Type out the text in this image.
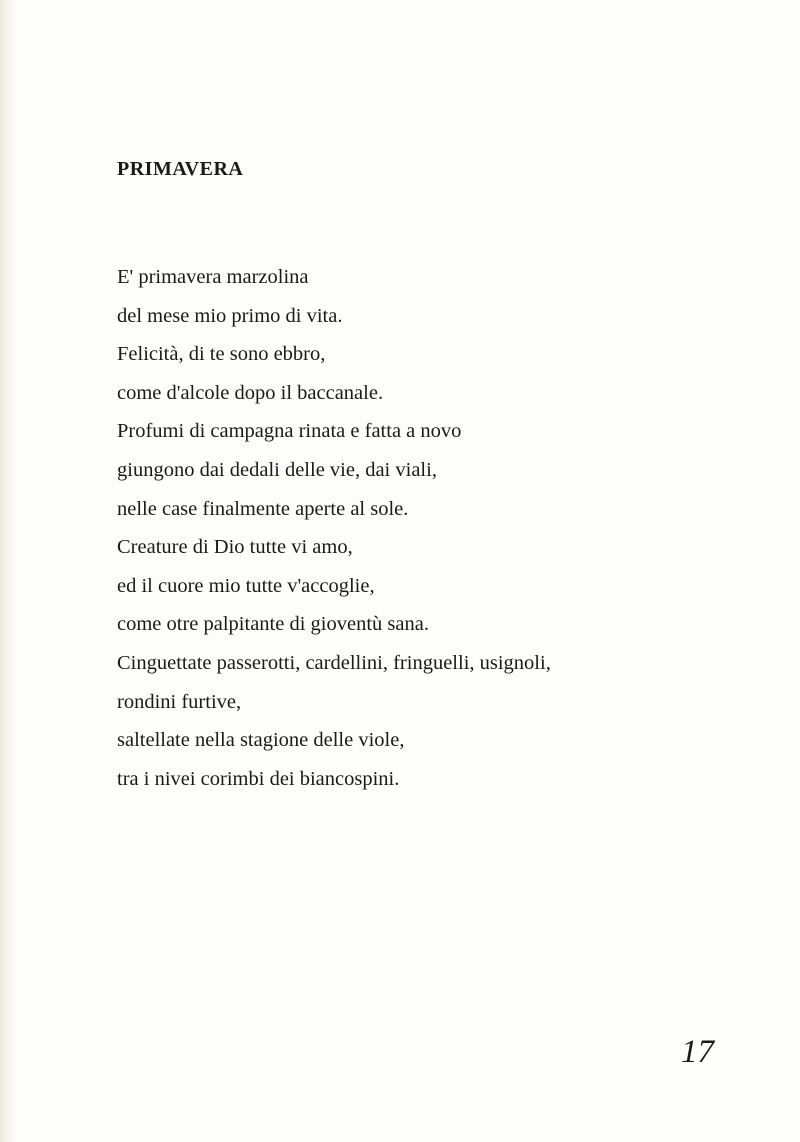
PRIMAVERA
E' primavera marzolina
del mese mio primo di vita.
Felicità, di te sono ebbro,
come d'alcole dopo il baccanale.
Profumi di campagna rinata e fatta a novo
giungono dai dedali delle vie, dai viali,
nelle case finalmente aperte al sole.
Creature di Dio tutte vi amo,
ed il cuore mio tutte v'accoglie,
come otre palpitante di gioventù sana.
Cinguettate passerotti, cardellini, fringuelli, usignoli,
rondini furtive,
saltellate nella stagione delle viole,
tra i nivei corimbi dei biancospini.

17
